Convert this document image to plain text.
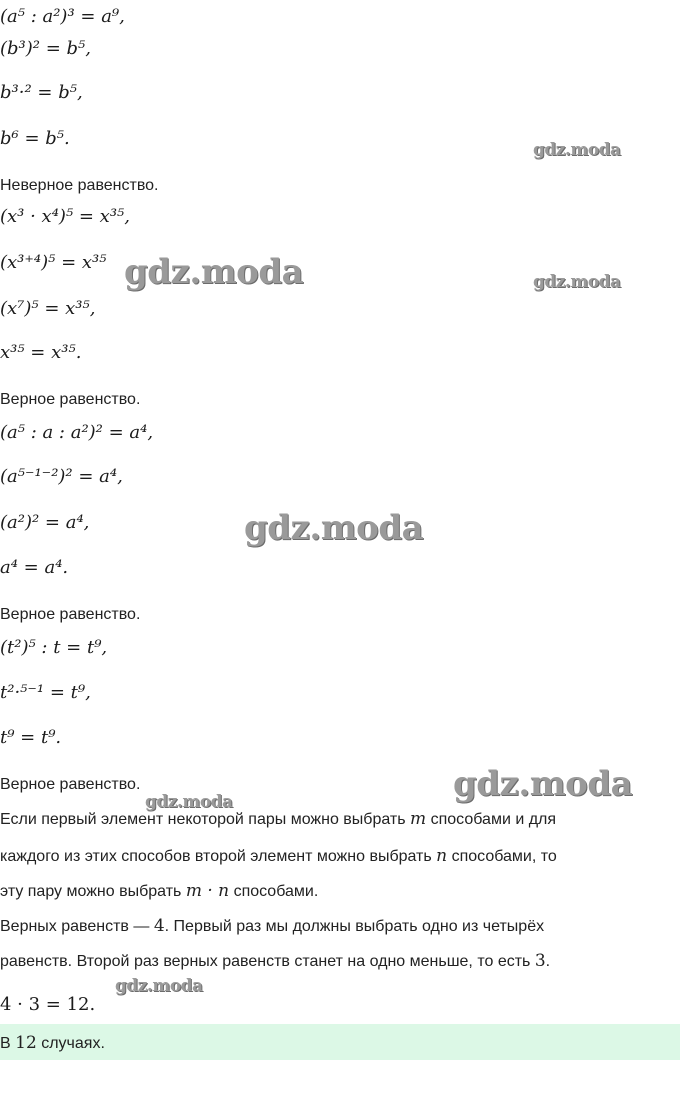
(a⁵ : a²)³ = a⁹,
(b³)² = b⁵,
b³·² = b⁵,
b⁶ = b⁵.
Неверное равенство.
(x³ · x⁴)⁵ = x³⁵,
(x³⁺⁴)⁵ = x³⁵
(x⁷)⁵ = x³⁵,
x³⁵ = x³⁵.
Верное равенство.
(a⁵ : a : a²)² = a⁴,
(a⁵⁻¹⁻²)² = a⁴,
(a²)² = a⁴,
a⁴ = a⁴.
Верное равенство.
(t²)⁵ : t = t⁹,
t²·⁵⁻¹ = t⁹,
t⁹ = t⁹.
Верное равенство.
Если первый элемент некоторой пары можно выбрать m способами и для
каждого из этих способов второй элемент можно выбрать n способами, то
эту пару можно выбрать m · n способами.
Верных равенств — 4. Первый раз мы должны выбрать одно из четырёх
равенств. Второй раз верных равенств станет на одно меньше, то есть 3.
4 · 3 = 12.
В 12 случаях.
gdz.moda
gdz.moda	gdz.moda
gdz.moda
gdz.moda
gdz.moda
gdz.moda
